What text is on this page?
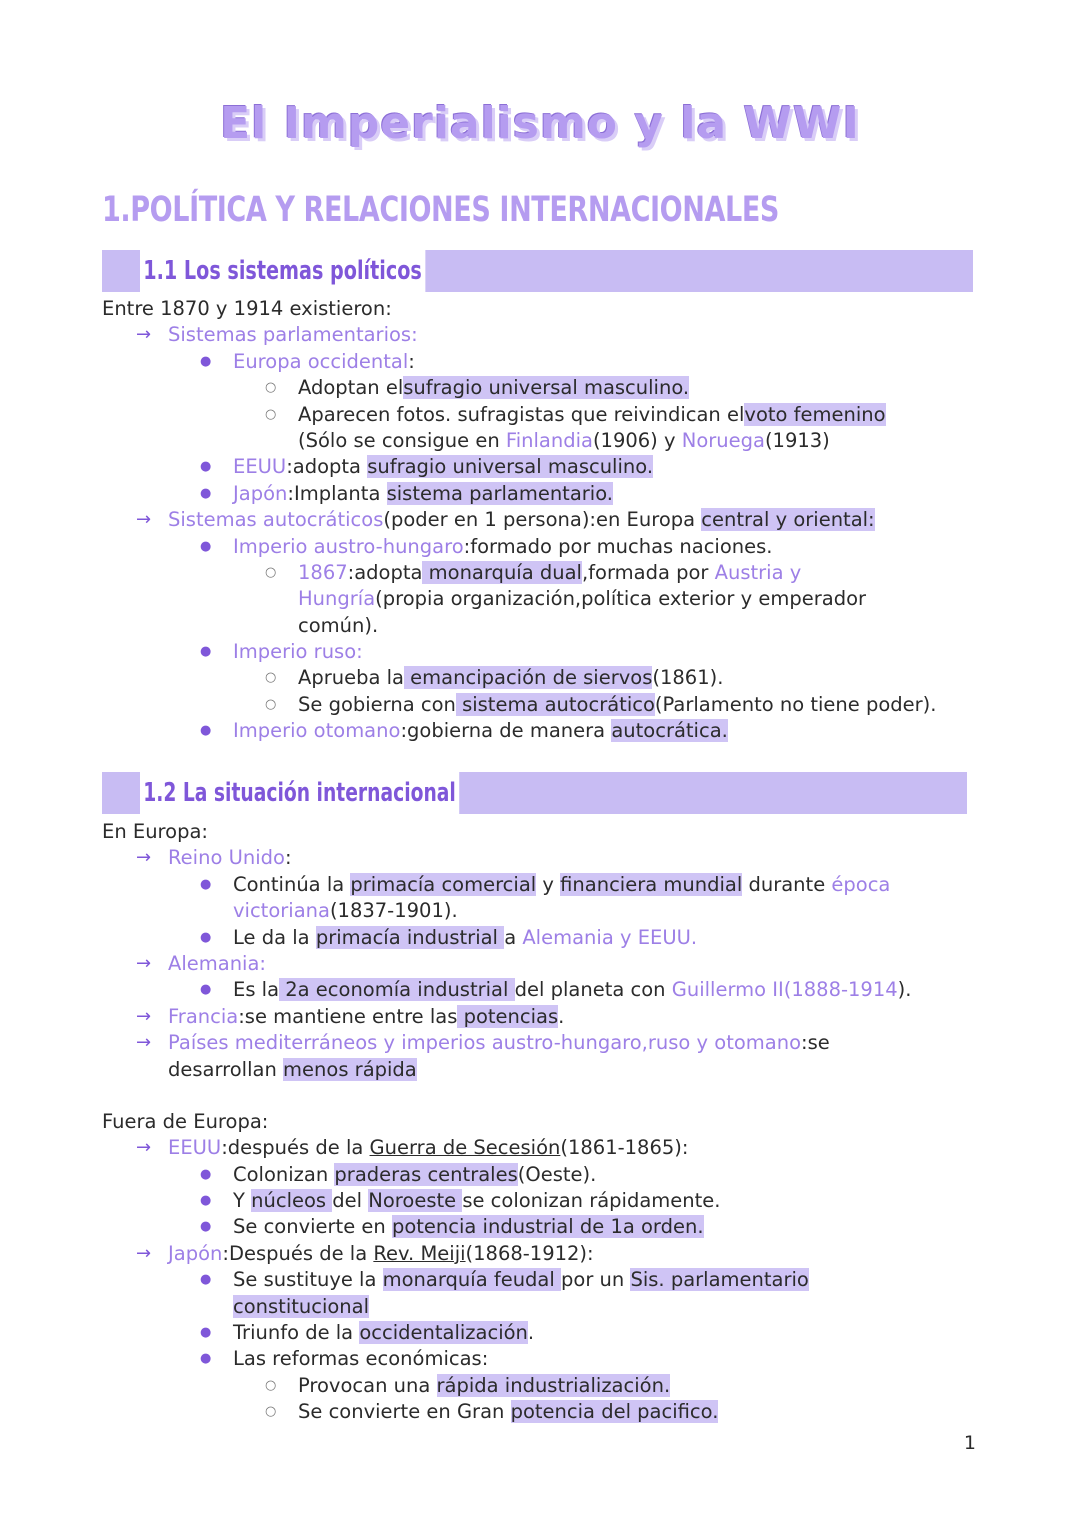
El Imperialismo y la WWI
1.POLÍTICA Y RELACIONES INTERNACIONALES
1.1 Los sistemas políticos
1.2 La situación internacional
Entre 1870 y 1914 existieron:
→ Sistemas parlamentarios:
● Europa occidental:
○ Adoptan elsufragio universal masculino.
○ Aparecen fotos. sufragistas que reivindican elvoto femenino
(Sólo se consigue en Finlandia(1906) y Noruega(1913)
● EEUU:adopta sufragio universal masculino.
● Japón:Implanta sistema parlamentario.
→ Sistemas autocráticos(poder en 1 persona):en Europa central y oriental:
● Imperio austro-hungaro:formado por muchas naciones.
○ 1867:adopta monarquía dual,formada por Austria y
Hungría(propia organización,política exterior y emperador
común).
● Imperio ruso:
○ Aprueba la emancipación de siervos(1861).
○ Se gobierna con sistema autocrático(Parlamento no tiene poder).
● Imperio otomano:gobierna de manera autocrática.
En Europa:
→ Reino Unido:
● Continúa la primacía comercial y financiera mundial durante época
victoriana(1837-1901).
● Le da la primacía industrial a Alemania y EEUU.
→ Alemania:
● Es la 2a economía industrial del planeta con Guillermo II(1888-1914).
→ Francia:se mantiene entre las potencias.
→ Países mediterráneos y imperios austro-hungaro,ruso y otomano:se
desarrollan menos rápida
Fuera de Europa:
→ EEUU:después de la Guerra de Secesión(1861-1865):
● Colonizan praderas centrales(Oeste).
● Y núcleos del Noroeste se colonizan rápidamente.
● Se convierte en potencia industrial de 1a orden.
→ Japón:Después de la Rev. Meiji(1868-1912):
● Se sustituye la monarquía feudal por un Sis. parlamentario
constitucional
● Triunfo de la occidentalización.
● Las reformas económicas:
○ Provocan una rápida industrialización.
○ Se convierte en Gran potencia del pacifico.
1
